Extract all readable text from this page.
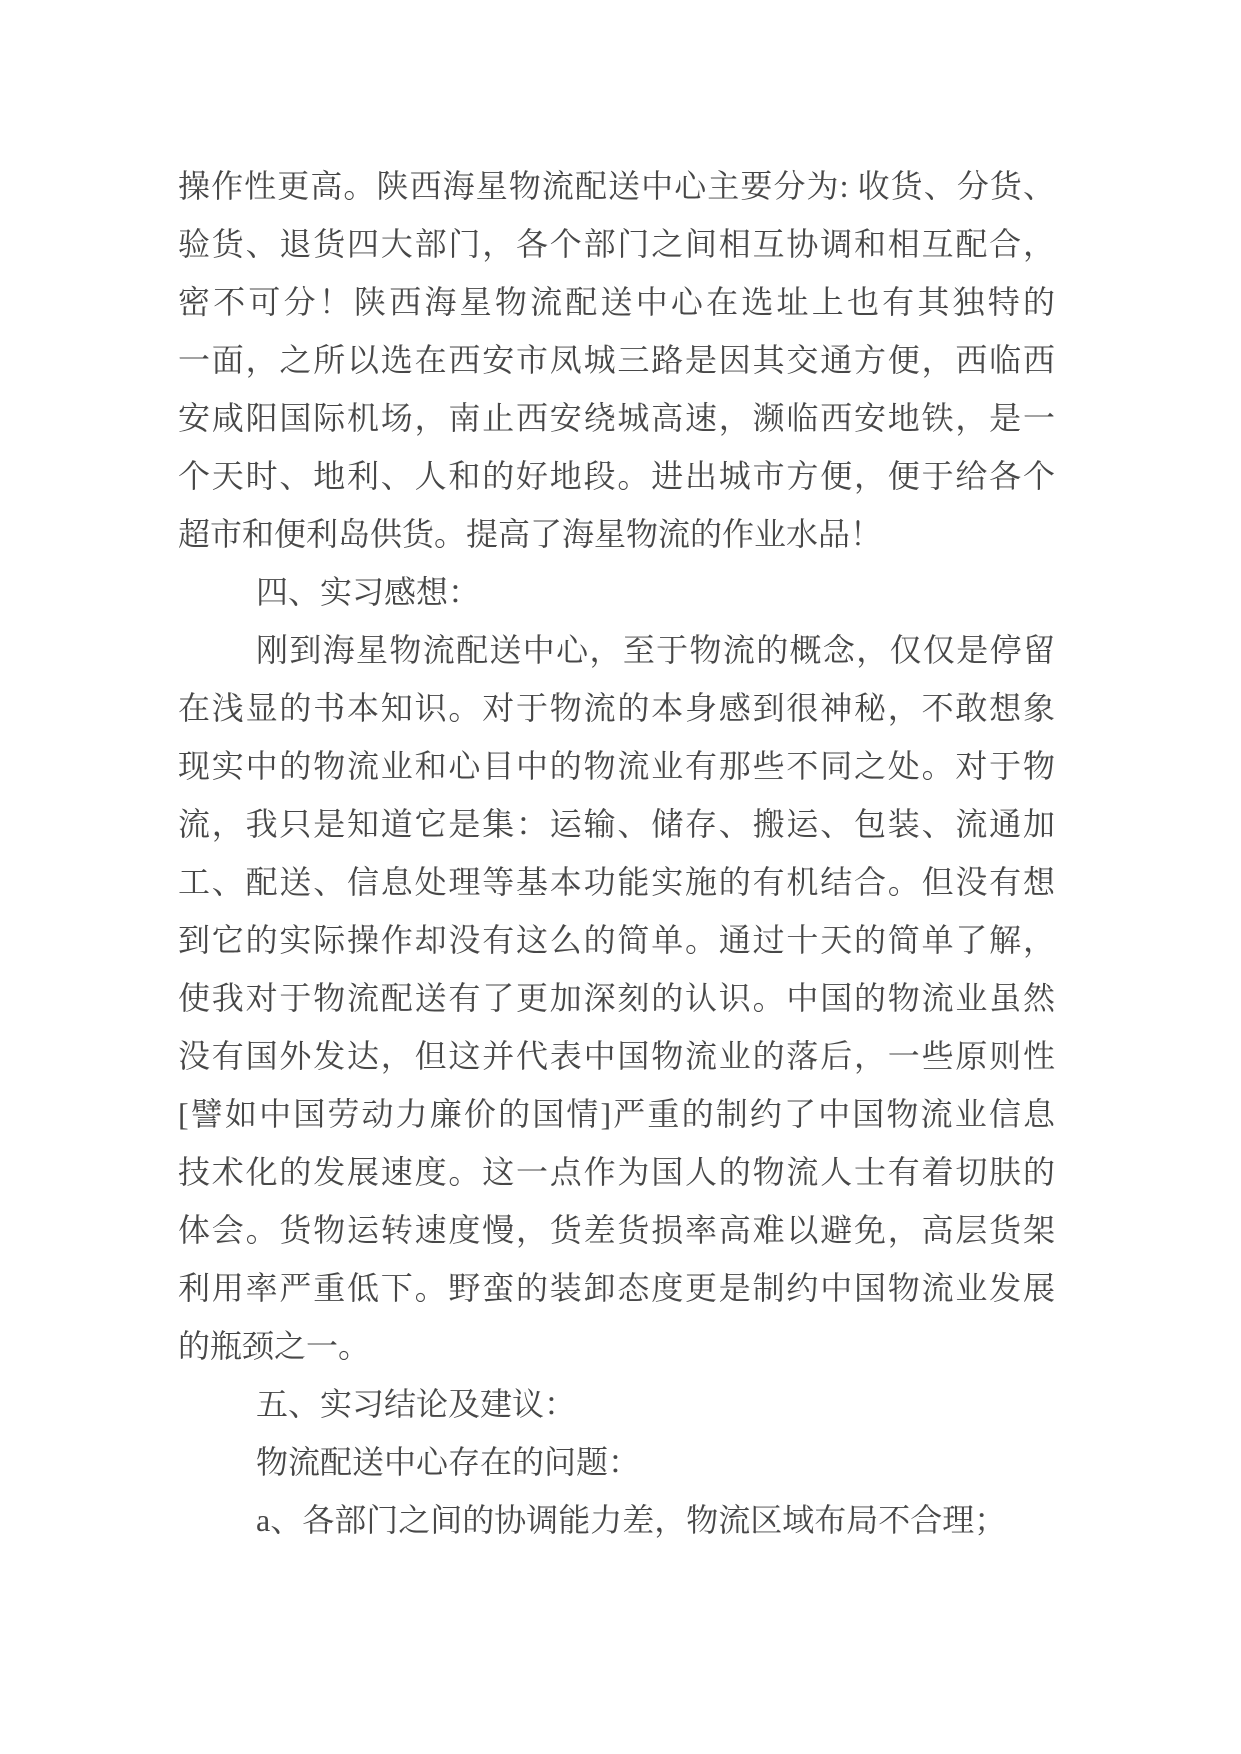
操作性更高。陕西海星物流配送中心主要分为: 收货、分货、
验货、退货四大部门，各个部门之间相互协调和相互配合，
密不可分！陕西海星物流配送中心在选址上也有其独特的
一面，之所以选在西安市凤城三路是因其交通方便，西临西
安咸阳国际机场，南止西安绕城高速，濒临西安地铁，是一
个天时、地利、人和的好地段。进出城市方便，便于给各个
超市和便利岛供货。提高了海星物流的作业水品！
四、实习感想：
刚到海星物流配送中心，至于物流的概念，仅仅是停留
在浅显的书本知识。对于物流的本身感到很神秘，不敢想象
现实中的物流业和心目中的物流业有那些不同之处。对于物
流，我只是知道它是集：运输、储存、搬运、包装、流通加
工、配送、信息处理等基本功能实施的有机结合。但没有想
到它的实际操作却没有这么的简单。通过十天的简单了解，
使我对于物流配送有了更加深刻的认识。中国的物流业虽然
没有国外发达，但这并代表中国物流业的落后，一些原则性
[譬如中国劳动力廉价的国情]严重的制约了中国物流业信息
技术化的发展速度。这一点作为国人的物流人士有着切肤的
体会。货物运转速度慢，货差货损率高难以避免，高层货架
利用率严重低下。野蛮的装卸态度更是制约中国物流业发展
的瓶颈之一。
五、实习结论及建议：
物流配送中心存在的问题：
a、各部门之间的协调能力差，物流区域布局不合理；
